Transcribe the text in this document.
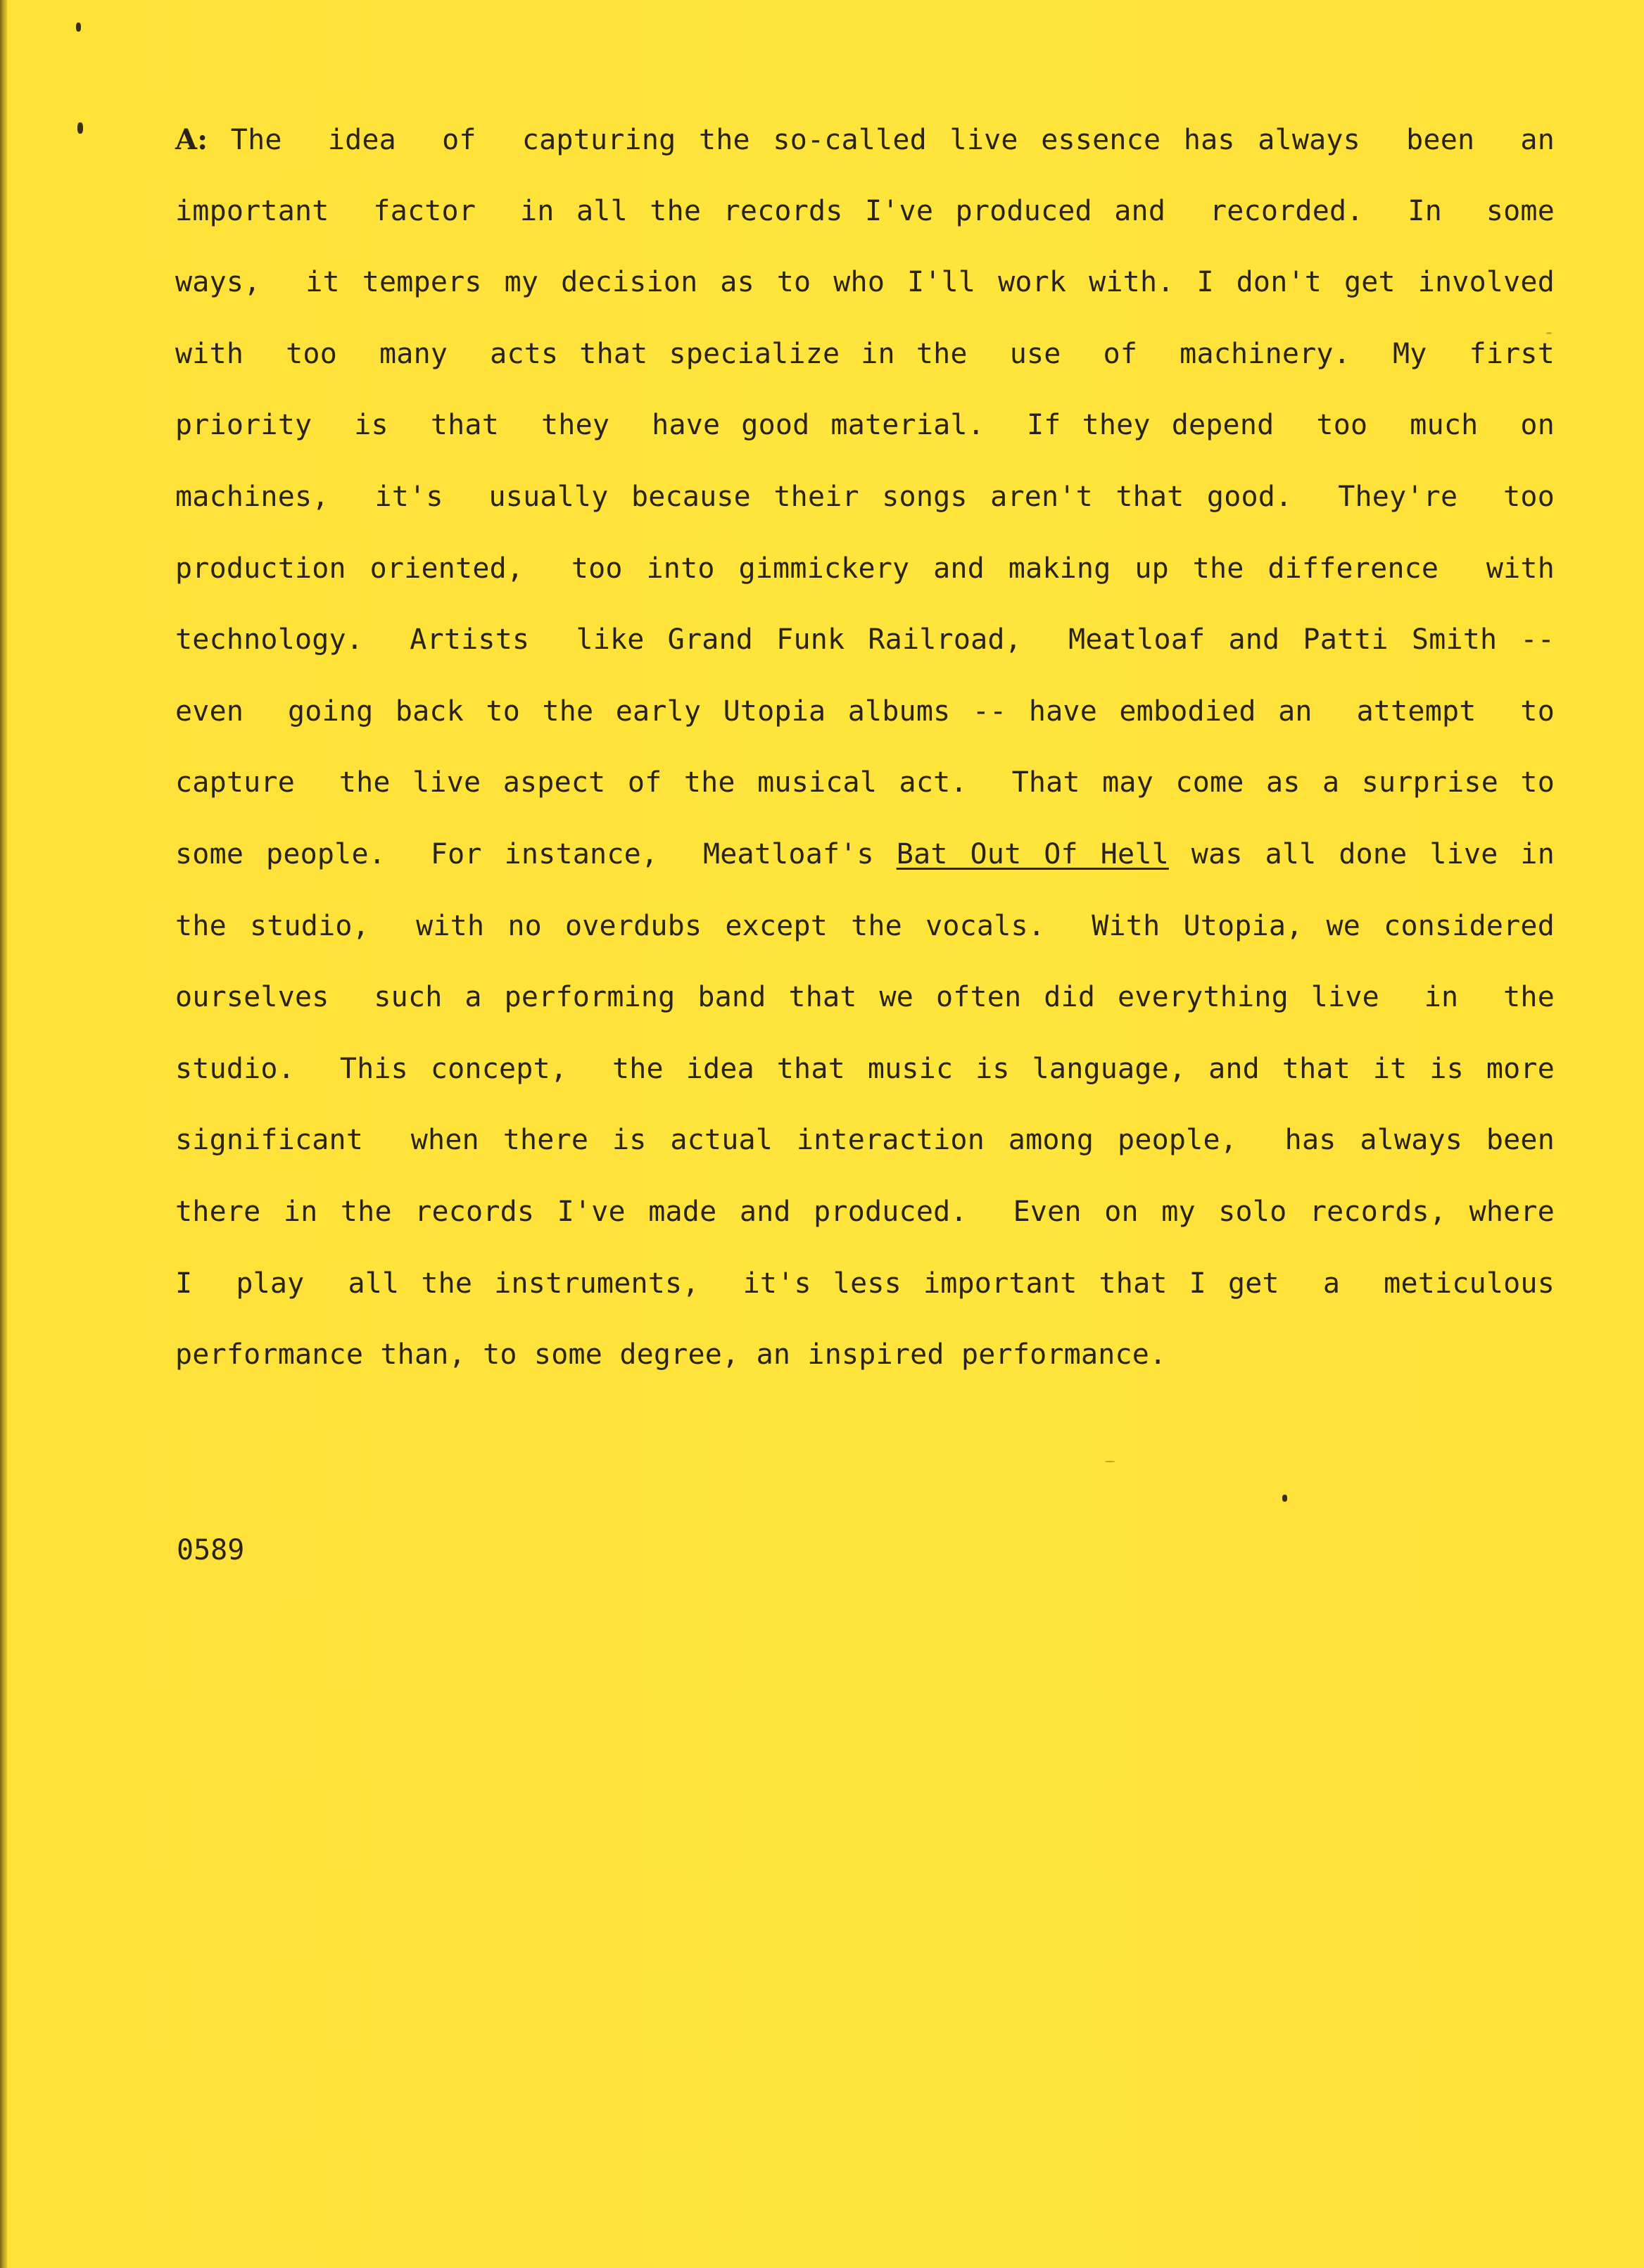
A: The  idea  of  capturing the so-called live essence has always  been  an
important  factor  in all the records I've produced and  recorded.  In  some
ways,  it tempers my decision as to who I'll work with. I don't get involved
with  too  many  acts that specialize in the  use  of  machinery.  My  first
priority  is  that  they  have good material.  If they depend  too  much  on
machines,  it's  usually because their songs aren't that good.  They're  too
production oriented,  too into gimmickery and making up the difference  with
technology.  Artists  like Grand Funk Railroad,  Meatloaf and Patti Smith --
even  going back to the early Utopia albums -- have embodied an  attempt  to
capture  the live aspect of the musical act.  That may come as a surprise to
some people.  For instance,  Meatloaf's Bat Out Of Hell was all done live in
the studio,  with no overdubs except the vocals.  With Utopia, we considered
ourselves  such a performing band that we often did everything live  in  the
studio.  This concept,  the idea that music is language, and that it is more
significant  when there is actual interaction among people,  has always been
there in the records I've made and produced.  Even on my solo records, where
I  play  all the instruments,  it's less important that I get  a  meticulous
performance than, to some degree, an inspired performance.
0589
